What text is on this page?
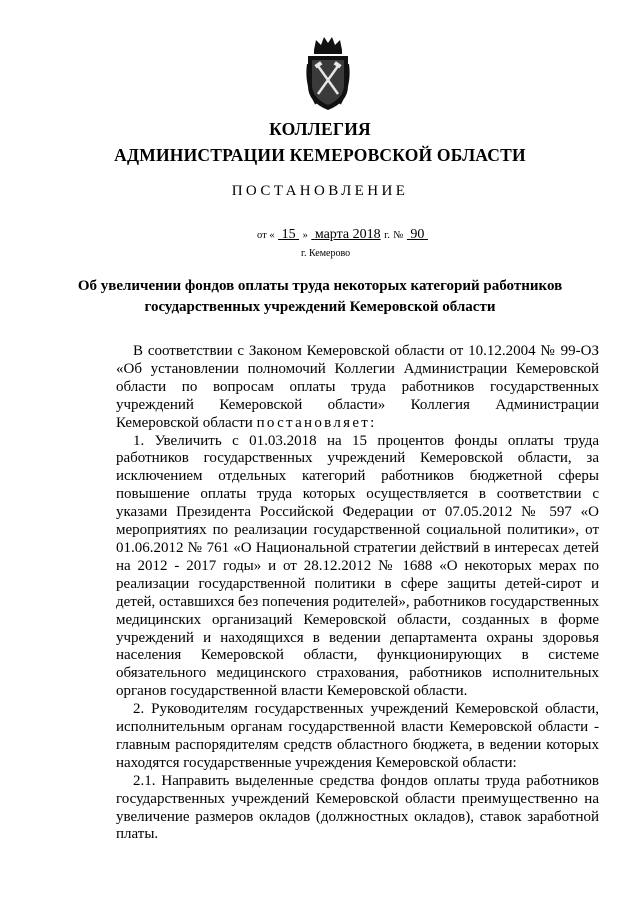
КОЛЛЕГИЯ
АДМИНИСТРАЦИИ КЕМЕРОВСКОЙ ОБЛАСТИ
ПОСТАНОВЛЕНИЕ
от « 15 » марта 2018 г. № 90
г. Кемерово
Об увеличении фондов оплаты труда некоторых категорий работников
государственных учреждений Кемеровской области

В соответствии с Законом Кемеровской области от 10.12.2004 № 99-ОЗ «Об установлении полномочий Коллегии Администрации Кемеровской области по вопросам оплаты труда работников государственных учреждений Кемеровской области» Коллегия Администрации Кемеровской области постановляет:

1. Увеличить с 01.03.2018 на 15 процентов фонды оплаты труда работников государственных учреждений Кемеровской области, за исключением отдельных категорий работников бюджетной сферы повышение оплаты труда которых осуществляется в соответствии с указами Президента Российской Федерации от 07.05.2012 № 597 «О мероприятиях по реализации государственной социальной политики», от 01.06.2012 № 761 «О Национальной стратегии действий в интересах детей на 2012 - 2017 годы» и от 28.12.2012 № 1688 «О некоторых мерах по реализации государственной политики в сфере защиты детей-сирот и детей, оставшихся без попечения родителей», работников государственных медицинских организаций Кемеровской области, созданных в форме учреждений и находящихся в ведении департамента охраны здоровья населения Кемеровской области, функционирующих в системе обязательного медицинского страхования, работников исполнительных органов государственной власти Кемеровской области.

2. Руководителям государственных учреждений Кемеровской области, исполнительным органам государственной власти Кемеровской области - главным распорядителям средств областного бюджета, в ведении которых находятся государственные учреждения Кемеровской области:

2.1. Направить выделенные средства фондов оплаты труда работников государственных учреждений Кемеровской области преимущественно на увеличение размеров окладов (должностных окладов), ставок заработной платы.
